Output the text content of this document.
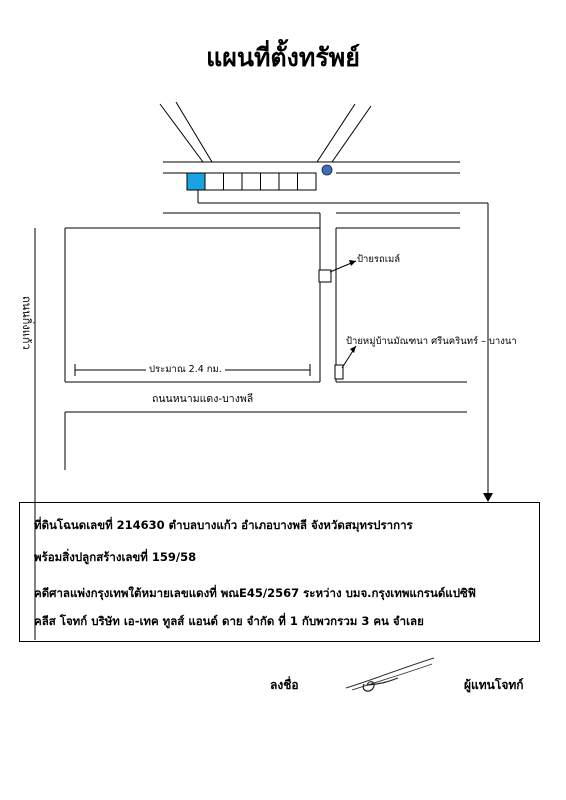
แผนที่ตั้งทรัพย์
ถนนกิ่งแก้ว
ถนนหนามแดง-บางพลี
ประมาณ 2.4 กม.
ป้ายรถเมล์
ป้ายหมู่บ้านมัณฑนา ศรีนครินทร์ – บางนา

ที่ดินโฉนดเลขที่ 214630 ตำบลบางแก้ว อำเภอบางพลี จังหวัดสมุทรปราการ

พร้อมสิ่งปลูกสร้างเลขที่ 159/58

คดีศาลแพ่งกรุงเทพใต้หมายเลขแดงที่ พณE45/2567 ระหว่าง บมจ.กรุงเทพแกรนด์แปซิฟิ

คลีส โจทก์ บริษัท เอ-เทค ทูลส์ แอนด์ ดาย จำกัด ที่ 1 กับพวกรวม 3 คน จำเลย

ลงชื่อ	ผู้แทนโจทก์
